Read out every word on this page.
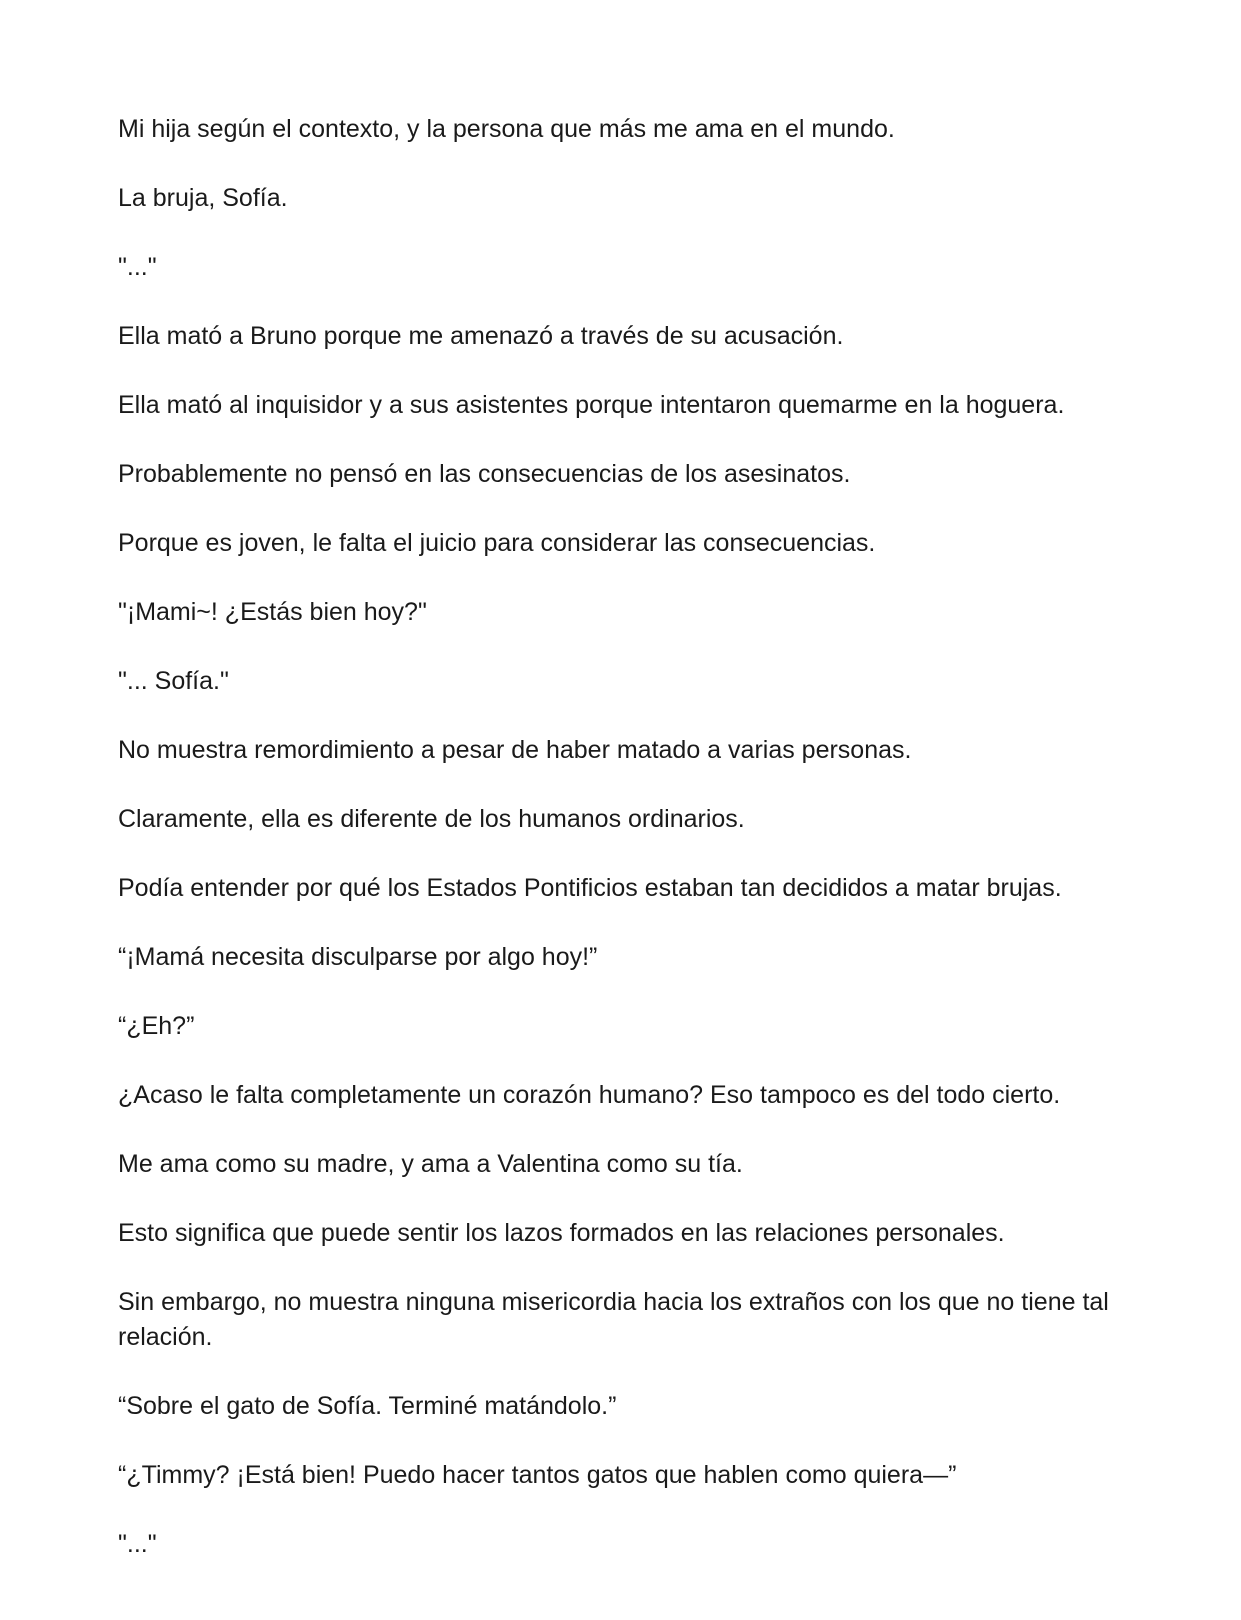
Mi hija según el contexto, y la persona que más me ama en el mundo.

La bruja, Sofía.

"..."

Ella mató a Bruno porque me amenazó a través de su acusación.

Ella mató al inquisidor y a sus asistentes porque intentaron quemarme en la hoguera.

Probablemente no pensó en las consecuencias de los asesinatos.

Porque es joven, le falta el juicio para considerar las consecuencias.

"¡Mami~! ¿Estás bien hoy?"

"... Sofía."

No muestra remordimiento a pesar de haber matado a varias personas.

Claramente, ella es diferente de los humanos ordinarios.

Podía entender por qué los Estados Pontificios estaban tan decididos a matar brujas.

“¡Mamá necesita disculparse por algo hoy!”

“¿Eh?”

¿Acaso le falta completamente un corazón humano? Eso tampoco es del todo cierto.

Me ama como su madre, y ama a Valentina como su tía.

Esto significa que puede sentir los lazos formados en las relaciones personales.

Sin embargo, no muestra ninguna misericordia hacia los extraños con los que no tiene tal relación.

“Sobre el gato de Sofía. Terminé matándolo.”

“¿Timmy? ¡Está bien! Puedo hacer tantos gatos que hablen como quiera—”

"..."
